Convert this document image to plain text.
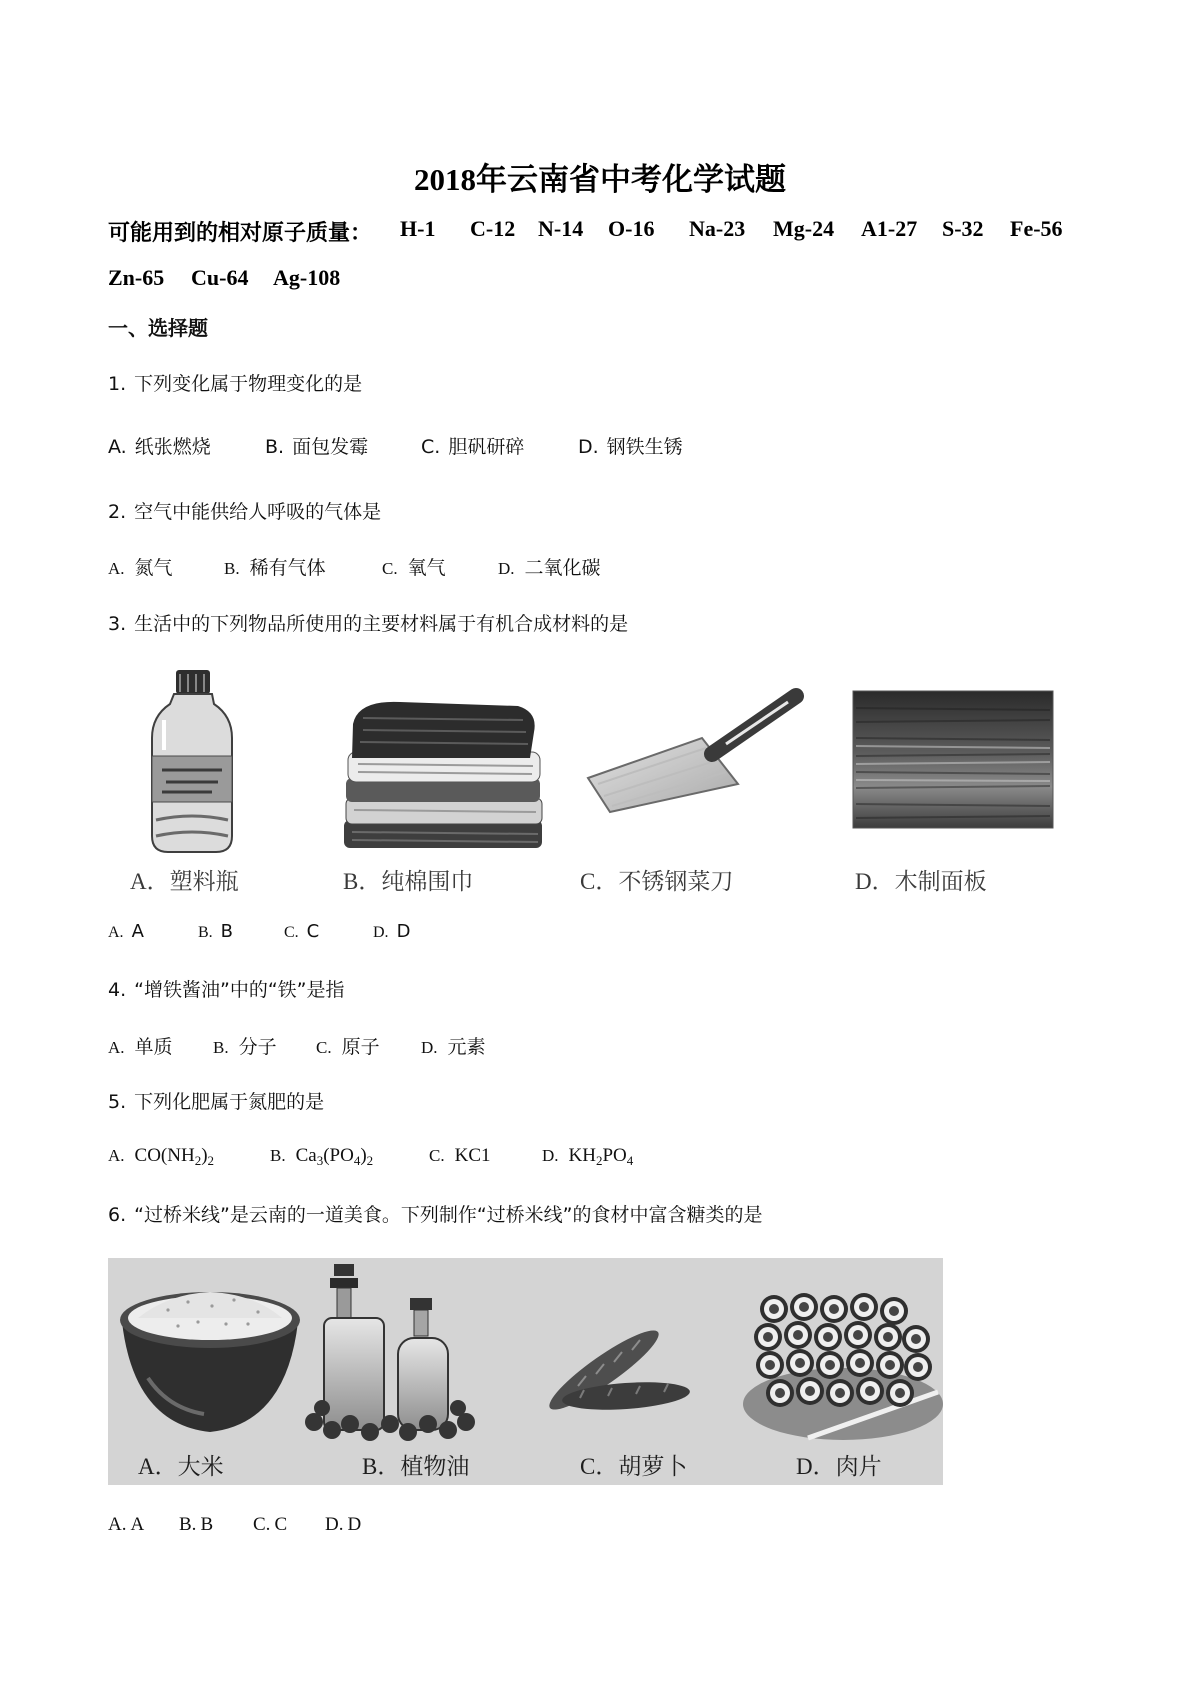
2018年云南省中考化学试题
可能用到的相对原子质量： H-1 C-12 N-14 O-16 Na-23 Mg-24 A1-27 S-32 Fe-56
Zn-65 Cu-64 Ag-108
一、选择题
1. 下列变化属于物理变化的是
A. 纸张燃烧	B. 面包发霉	C. 胆矾研碎	D. 钢铁生锈
2. 空气中能供给人呼吸的气体是
A. 氮气	B. 稀有气体	C. 氧气	D. 二氧化碳
3. 生活中的下列物品所使用的主要材料属于有机合成材料的是
A．塑料瓶	B．纯棉围巾	C．不锈钢菜刀	D．木制面板
A. A	B. B	C. C	D. D
4. “增铁酱油”中的“铁”是指
A. 单质 B. 分子 C. 原子 D. 元素
5. 下列化肥属于氮肥的是
A. $CO(NH_2)_2$	B. $Ca_3(PO_4)_2$	C. KC1	D. $KH_2PO_4$
6. “过桥米线”是云南的一道美食。下列制作“过桥米线”的食材中富含糖类的是
A．大米	B．植物油	C．胡萝卜	D．肉片
A. A B. B C. C D. D
